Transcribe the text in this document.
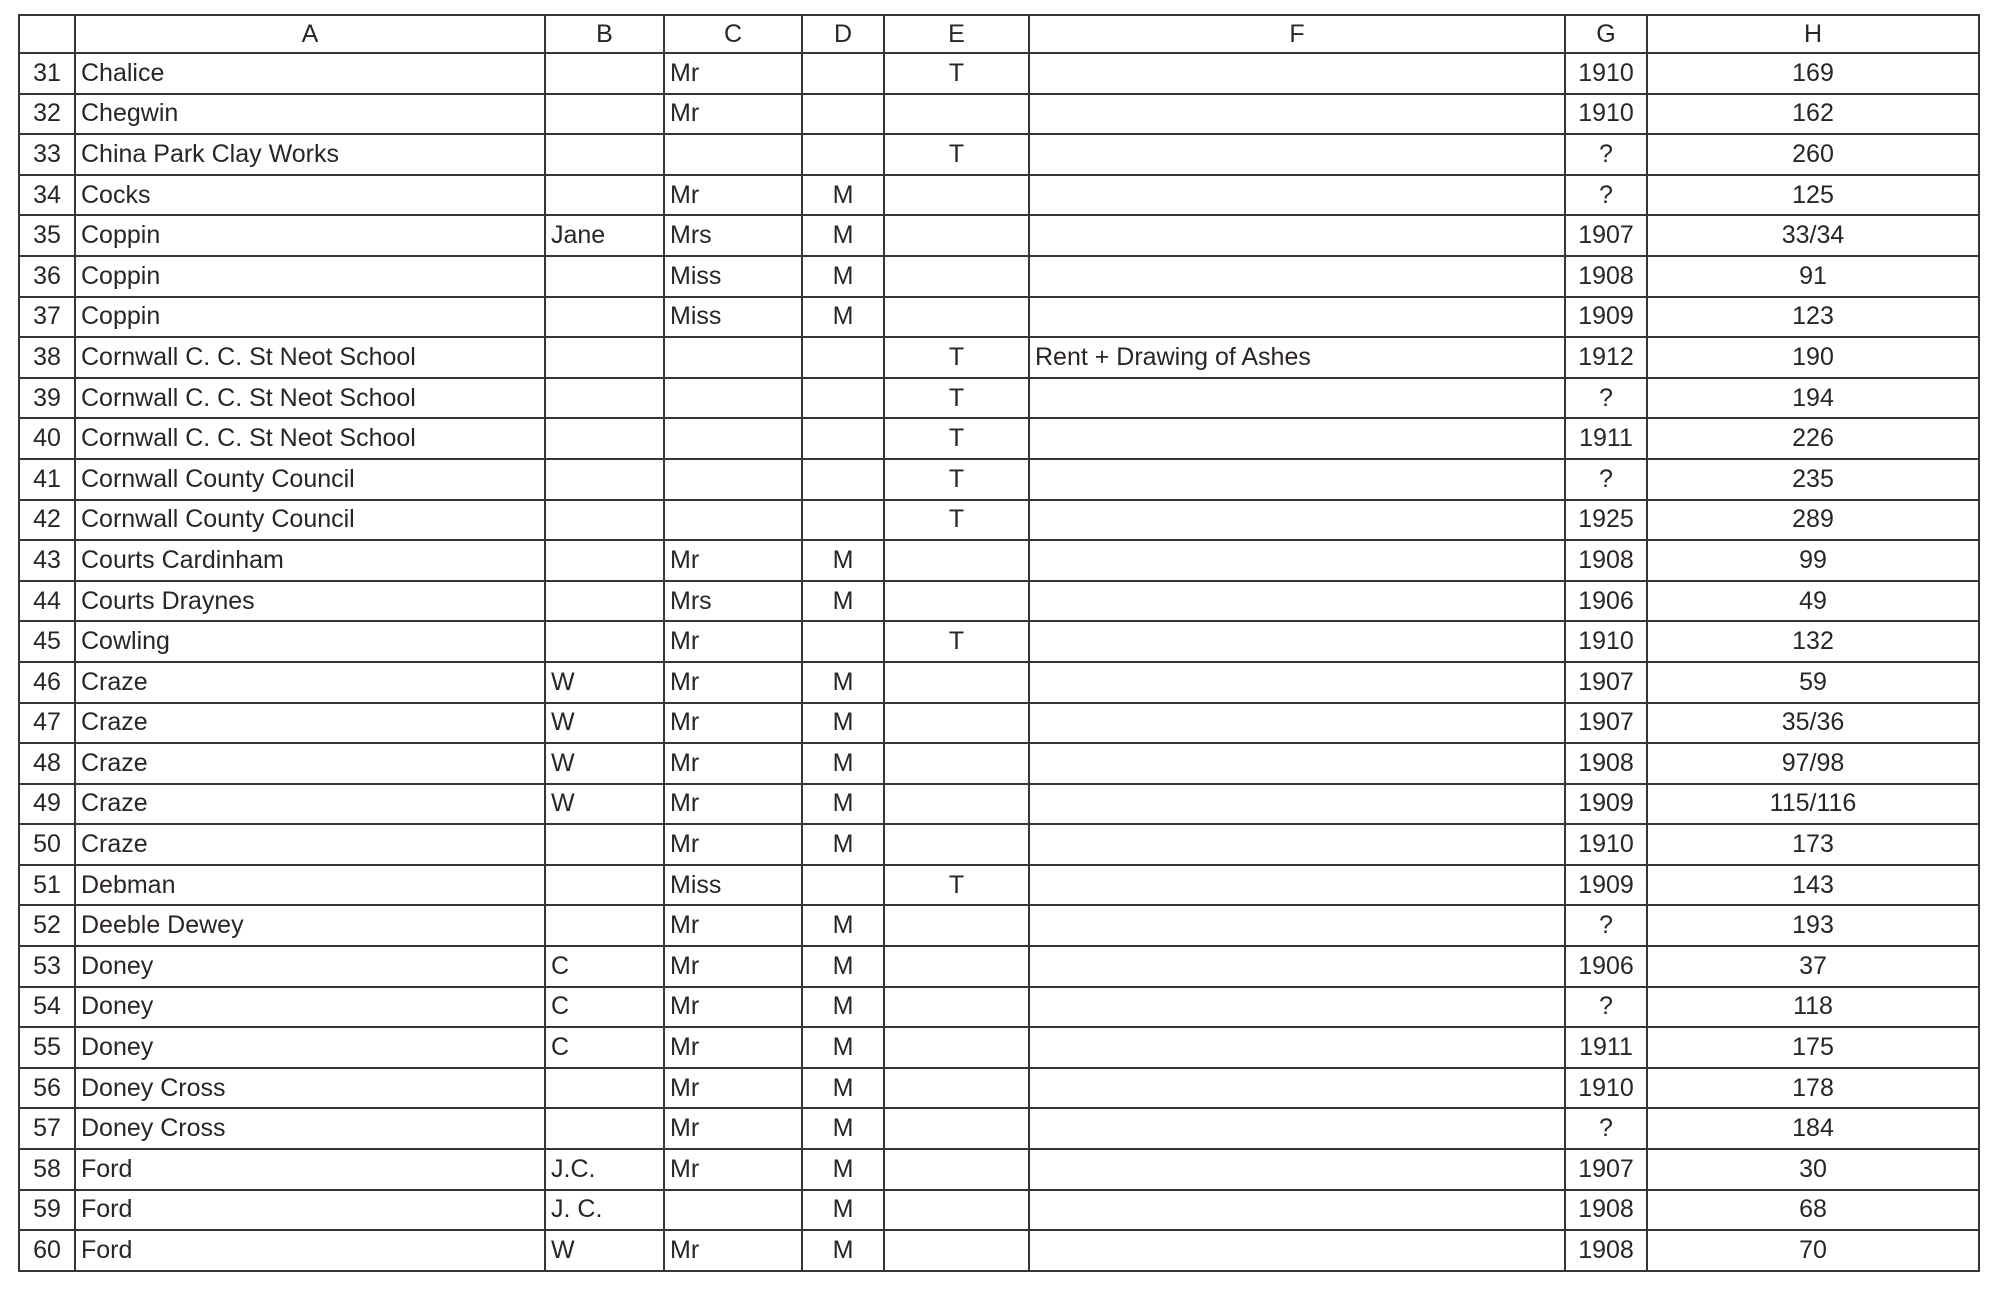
	A	B	C	D	E	F	G	H
31	Chalice		Mr		T		1910	169
32	Chegwin		Mr				1910	162
33	China Park Clay Works				T		?	260
34	Cocks		Mr	M			?	125
35	Coppin	Jane	Mrs	M			1907	33/34
36	Coppin		Miss	M			1908	91
37	Coppin		Miss	M			1909	123
38	Cornwall C. C. St Neot School				T	Rent + Drawing of Ashes	1912	190
39	Cornwall C. C. St Neot School				T		?	194
40	Cornwall C. C. St Neot School				T		1911	226
41	Cornwall County Council				T		?	235
42	Cornwall County Council				T		1925	289
43	Courts Cardinham		Mr	M			1908	99
44	Courts Draynes		Mrs	M			1906	49
45	Cowling		Mr		T		1910	132
46	Craze	W	Mr	M			1907	59
47	Craze	W	Mr	M			1907	35/36
48	Craze	W	Mr	M			1908	97/98
49	Craze	W	Mr	M			1909	115/116
50	Craze		Mr	M			1910	173
51	Debman		Miss		T		1909	143
52	Deeble Dewey		Mr	M			?	193
53	Doney	C	Mr	M			1906	37
54	Doney	C	Mr	M			?	118
55	Doney	C	Mr	M			1911	175
56	Doney Cross		Mr	M			1910	178
57	Doney Cross		Mr	M			?	184
58	Ford	J.C.	Mr	M			1907	30
59	Ford	J. C.		M			1908	68
60	Ford	W	Mr	M			1908	70
